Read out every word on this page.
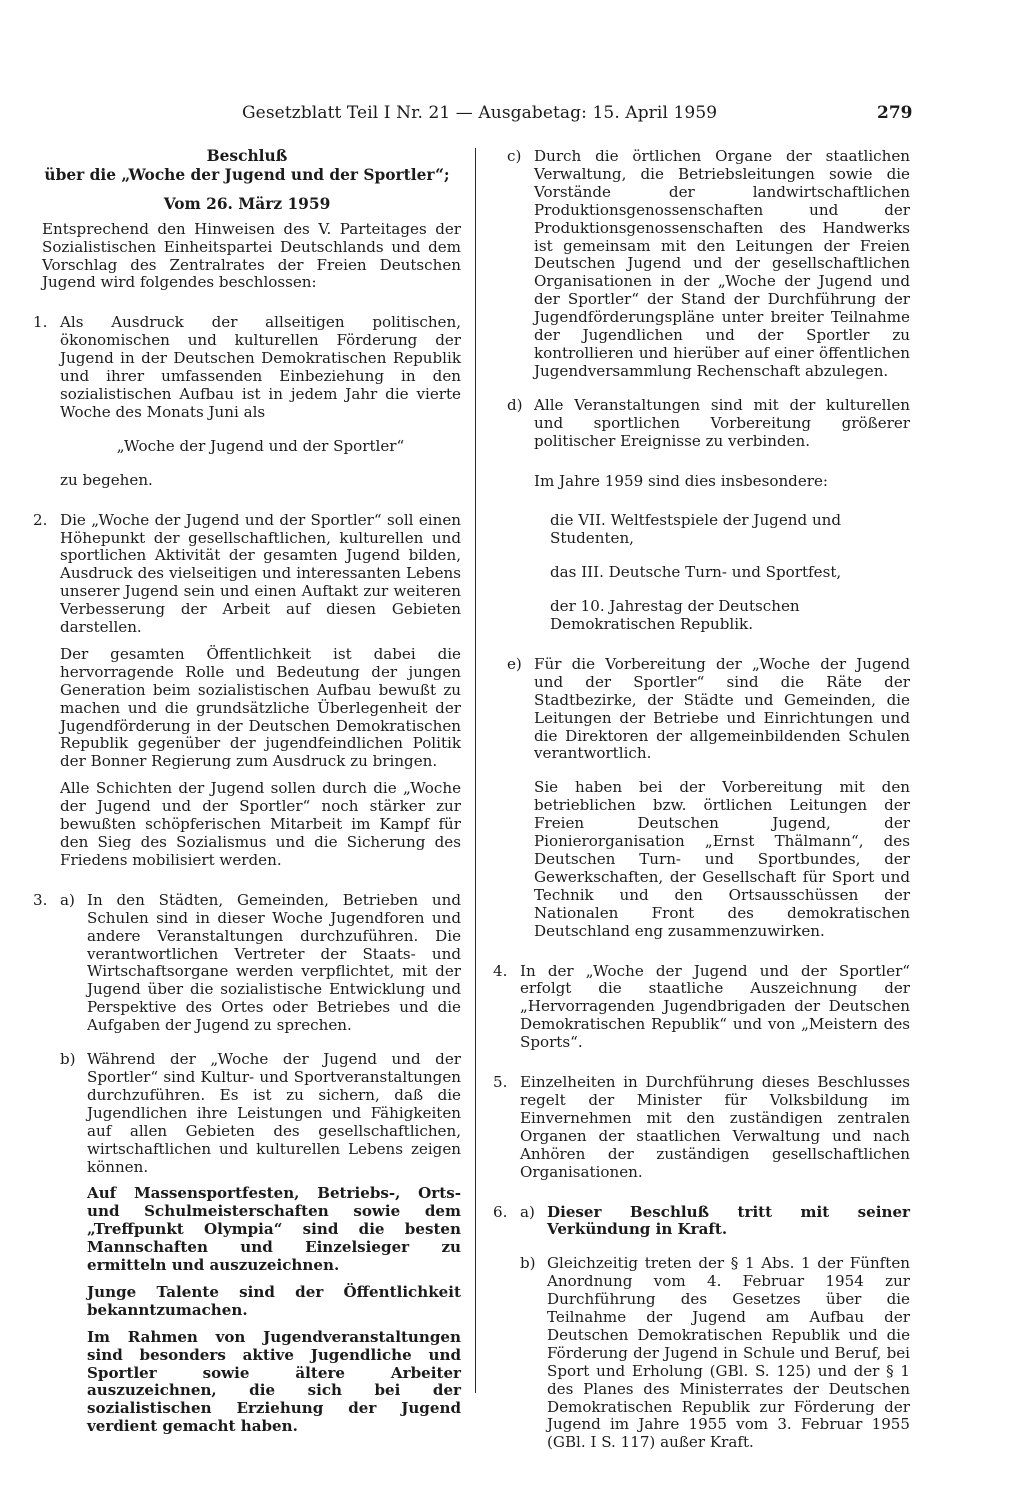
Gesetzblatt Teil I Nr. 21 — Ausgabetag: 15. April 1959	279
Beschluß
über die „Woche der Jugend und der Sportler“;
Vom 26. März 1959
Entsprechend den Hinweisen des V. Parteitages der Sozialistischen Einheitspartei Deutschlands und dem Vorschlag des Zentralrates der Freien Deutschen Jugend wird folgendes beschlossen:
1. Als Ausdruck der allseitigen politischen, ökonomischen und kulturellen Förderung der Jugend in der Deutschen Demokratischen Republik und ihrer umfassenden Einbeziehung in den sozialistischen Aufbau ist in jedem Jahr die vierte Woche des Monats Juni als
„Woche der Jugend und der Sportler“
zu begehen.
2. Die „Woche der Jugend und der Sportler“ soll einen Höhepunkt der gesellschaftlichen, kulturellen und sportlichen Aktivität der gesamten Jugend bilden, Ausdruck des vielseitigen und interessanten Lebens unserer Jugend sein und einen Auftakt zur weiteren Verbesserung der Arbeit auf diesen Gebieten darstellen.
Der gesamten Öffentlichkeit ist dabei die hervorragende Rolle und Bedeutung der jungen Generation beim sozialistischen Aufbau bewußt zu machen und die grundsätzliche Überlegenheit der Jugendförderung in der Deutschen Demokratischen Republik gegenüber der jugendfeindlichen Politik der Bonner Regierung zum Ausdruck zu bringen.
Alle Schichten der Jugend sollen durch die „Woche der Jugend und der Sportler“ noch stärker zur bewußten schöpferischen Mitarbeit im Kampf für den Sieg des Sozialismus und die Sicherung des Friedens mobilisiert werden.
3. a) In den Städten, Gemeinden, Betrieben und Schulen sind in dieser Woche Jugendforen und andere Veranstaltungen durchzuführen. Die verantwortlichen Vertreter der Staats- und Wirtschaftsorgane werden verpflichtet, mit der Jugend über die sozialistische Entwicklung und Perspektive des Ortes oder Betriebes und die Aufgaben der Jugend zu sprechen.
b) Während der „Woche der Jugend und der Sportler“ sind Kultur- und Sportveranstaltungen durchzuführen. Es ist zu sichern, daß die Jugendlichen ihre Leistungen und Fähigkeiten auf allen Gebieten des gesellschaftlichen, wirtschaftlichen und kulturellen Lebens zeigen können.
Auf Massensportfesten, Betriebs-, Orts- und Schulmeisterschaften sowie dem „Treffpunkt Olympia“ sind die besten Mannschaften und Einzelsieger zu ermitteln und auszuzeichnen.
Junge Talente sind der Öffentlichkeit bekanntzumachen.
Im Rahmen von Jugendveranstaltungen sind besonders aktive Jugendliche und Sportler sowie ältere Arbeiter auszuzeichnen, die sich bei der sozialistischen Erziehung der Jugend verdient gemacht haben.
c) Durch die örtlichen Organe der staatlichen Verwaltung, die Betriebsleitungen sowie die Vorstände der landwirtschaftlichen Produktionsgenossenschaften und der Produktionsgenossenschaften des Handwerks ist gemeinsam mit den Leitungen der Freien Deutschen Jugend und der gesellschaftlichen Organisationen in der „Woche der Jugend und der Sportler“ der Stand der Durchführung der Jugendförderungspläne unter breiter Teilnahme der Jugendlichen und der Sportler zu kontrollieren und hierüber auf einer öffentlichen Jugendversammlung Rechenschaft abzulegen.
d) Alle Veranstaltungen sind mit der kulturellen und sportlichen Vorbereitung größerer politischer Ereignisse zu verbinden.
Im Jahre 1959 sind dies insbesondere:
die VII. Weltfestspiele der Jugend und Studenten,
das III. Deutsche Turn- und Sportfest,
der 10. Jahrestag der Deutschen Demokratischen Republik.
e) Für die Vorbereitung der „Woche der Jugend und der Sportler“ sind die Räte der Stadtbezirke, der Städte und Gemeinden, die Leitungen der Betriebe und Einrichtungen und die Direktoren der allgemeinbildenden Schulen verantwortlich.
Sie haben bei der Vorbereitung mit den betrieblichen bzw. örtlichen Leitungen der Freien Deutschen Jugend, der Pionierorganisation „Ernst Thälmann“, des Deutschen Turn- und Sportbundes, der Gewerkschaften, der Gesellschaft für Sport und Technik und den Ortsausschüssen der Nationalen Front des demokratischen Deutschland eng zusammenzuwirken.
4. In der „Woche der Jugend und der Sportler“ erfolgt die staatliche Auszeichnung der „Hervorragenden Jugendbrigaden der Deutschen Demokratischen Republik“ und von „Meistern des Sports“.
5. Einzelheiten in Durchführung dieses Beschlusses regelt der Minister für Volksbildung im Einvernehmen mit den zuständigen zentralen Organen der staatlichen Verwaltung und nach Anhören der zuständigen gesellschaftlichen Organisationen.
6. a) Dieser Beschluß tritt mit seiner Verkündung in Kraft.
b) Gleichzeitig treten der § 1 Abs. 1 der Fünften Anordnung vom 4. Februar 1954 zur Durchführung des Gesetzes über die Teilnahme der Jugend am Aufbau der Deutschen Demokratischen Republik und die Förderung der Jugend in Schule und Beruf, bei Sport und Erholung (GBl. S. 125) und der § 1 des Planes des Ministerrates der Deutschen Demokratischen Republik zur Förderung der Jugend im Jahre 1955 vom 3. Februar 1955 (GBl. I S. 117) außer Kraft.
